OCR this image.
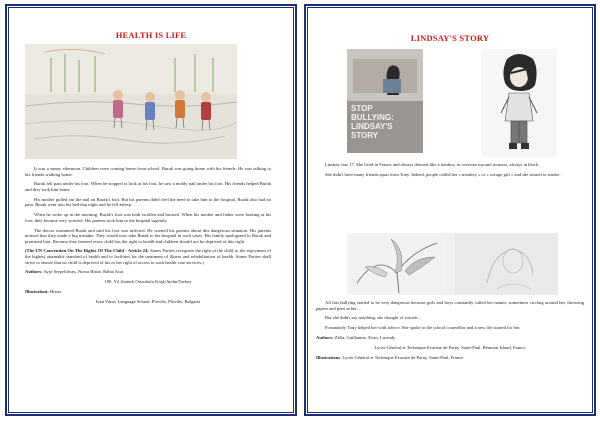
HEALTH IS LIFE

It was a sunny afternoon. Children were coming home from school. Burak was going home with his friends. He was talking to his friends walking home.

Burak felt pain under his foot. When he stopped to look at his foot, he saw a moldy nail under his foot. His friends helped Burak and they took him home.

His mother pulled out the nail on Burak's foot. But his parents didn't feel the need to take him to the hospital. Burak also had no pain. Burak went into his bed that night and he fell asleep.

When he woke up in the morning, Burak's foot was both swollen and bruised. When his mother and father were looking at his foot, they became very worried. His parents took him to the hospital urgently.

The doctor examined Burak and said his foot was infected. He warned his parents about this dangerous situation. His parents noticed that they made a big mistake. They would now take Burak to the hospital in such cases. His family apologized to Burak and promised him. Because they learned every child has the right to health and children should not be deprived of this right.

(The UN Convention On The Rights Of The Child - Article 24: States Parties recognize the right of the child to the enjoyment of the highest attainable standard of health and to facilities for the treatment of illness and rehabilitation of health. States Parties shall strive to ensure that no child is deprived of his or her right of access to such health care services.)

Authors: Ayşe Serpehlivan, Nursu Hasar, Rabia Acar

100. Yıl Atatürk Ortaokulu Köşk/Aydın/Turkey

Illustration: Hristo

Ivan Vazov Language School, Plovdiv, Plovdiv, Bulgaria

LINDSAY'S STORY
STOP
BULLYING:
LINDSAY'S
STORY

Lindsay was 17. She lived in France and always dressed like a tomboy, in oversize top and trousers, always in black.

She didn't have many friends apart from Tony. Indeed, people called her « monkey » or « savage girl » and she started to smoke.

All this bullying started to be very dangerous because girls and boys constantly called her names, sometimes circling around her, throwing papers and pens at her…

But she didn't say anything, she thought of suicide…

Fortunately Tony helped her with advice. She spoke to the school counsellor and a new life started for her.

Authors: Zélia, Guillaume, Evan, Lucindy

Lycée Général et Technique Evariste de Parny, Saint-Paul, Réunion Island, France

Illustrations: Lycée Général et Technique Evariste de Parny, Saint-Paul, France
